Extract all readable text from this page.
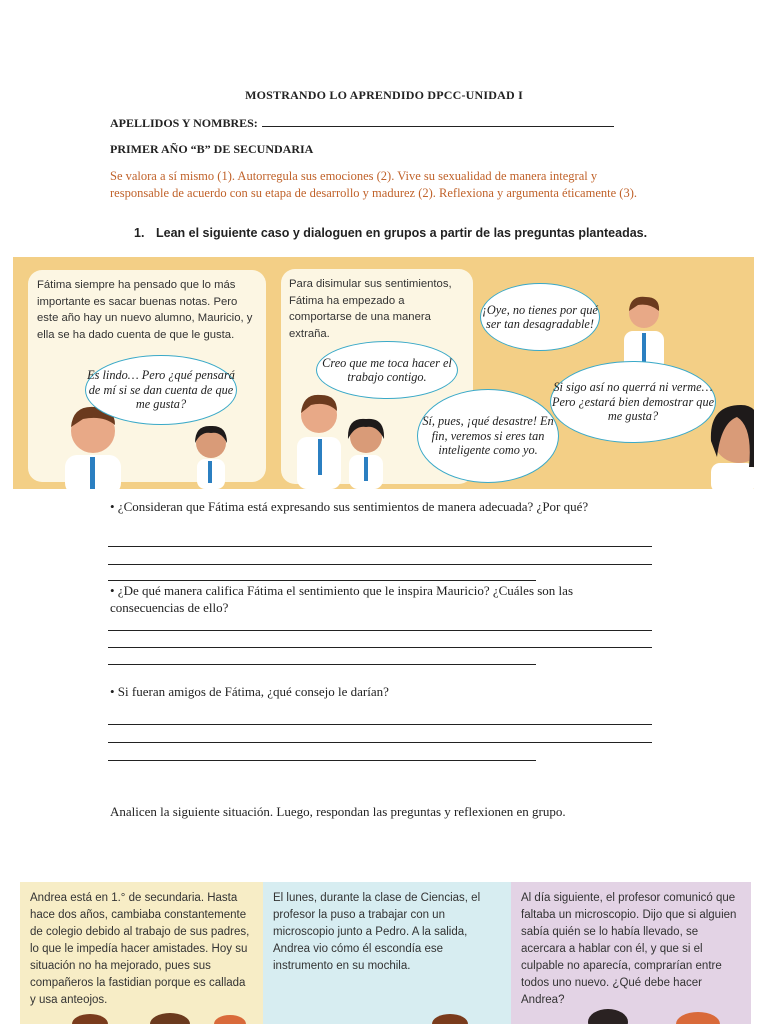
MOSTRANDO LO APRENDIDO DPCC-UNIDAD I
APELLIDOS Y NOMBRES:
PRIMER AÑO “B” DE SECUNDARIA
Se valora a sí mismo (1). Autorregula sus emociones (2). Vive su sexualidad de manera integral y responsable de acuerdo con su etapa de desarrollo y madurez (2). Reflexiona y argumenta éticamente (3).
1. Lean el siguiente caso y dialoguen en grupos a partir de las preguntas planteadas.
Fátima siempre ha pensado que lo más importante es sacar buenas notas. Pero este año hay un nuevo alumno, Mauricio, y ella se ha dado cuenta de que le gusta.
Para disimular sus sentimientos, Fátima ha empezado a comportarse de una manera extraña.
Es lindo… Pero ¿qué pensará de mí si se dan cuenta de que me gusta?
Creo que me toca hacer el trabajo contigo.
Sí, pues, ¡qué desastre! En fin, veremos si eres tan inteligente como yo.
¡Oye, no tienes por qué ser tan desagradable!
Si sigo así no querrá ni verme… Pero ¿estará bien demostrar que me gusta?
• ¿Consideran que Fátima está expresando sus sentimientos de manera adecuada? ¿Por qué?
• ¿De qué manera califica Fátima el sentimiento que le inspira Mauricio? ¿Cuáles son las consecuencias de ello?
• Si fueran amigos de Fátima, ¿qué consejo le darían?
Analicen la siguiente situación. Luego, respondan las preguntas y reflexionen en grupo.
Andrea está en 1.° de secundaria. Hasta hace dos años, cambiaba constantemente de colegio debido al trabajo de sus padres, lo que le impedía hacer amistades. Hoy su situación no ha mejorado, pues sus compañeros la fastidian porque es callada y usa anteojos.
El lunes, durante la clase de Ciencias, el profesor la puso a trabajar con un microscopio junto a Pedro. A la salida, Andrea vio cómo él escondía ese instrumento en su mochila.
Al día siguiente, el profesor comunicó que faltaba un microscopio. Dijo que si alguien sabía quién se lo había llevado, se acercara a hablar con él, y que si el culpable no aparecía, comprarían entre todos uno nuevo. ¿Qué debe hacer Andrea?
